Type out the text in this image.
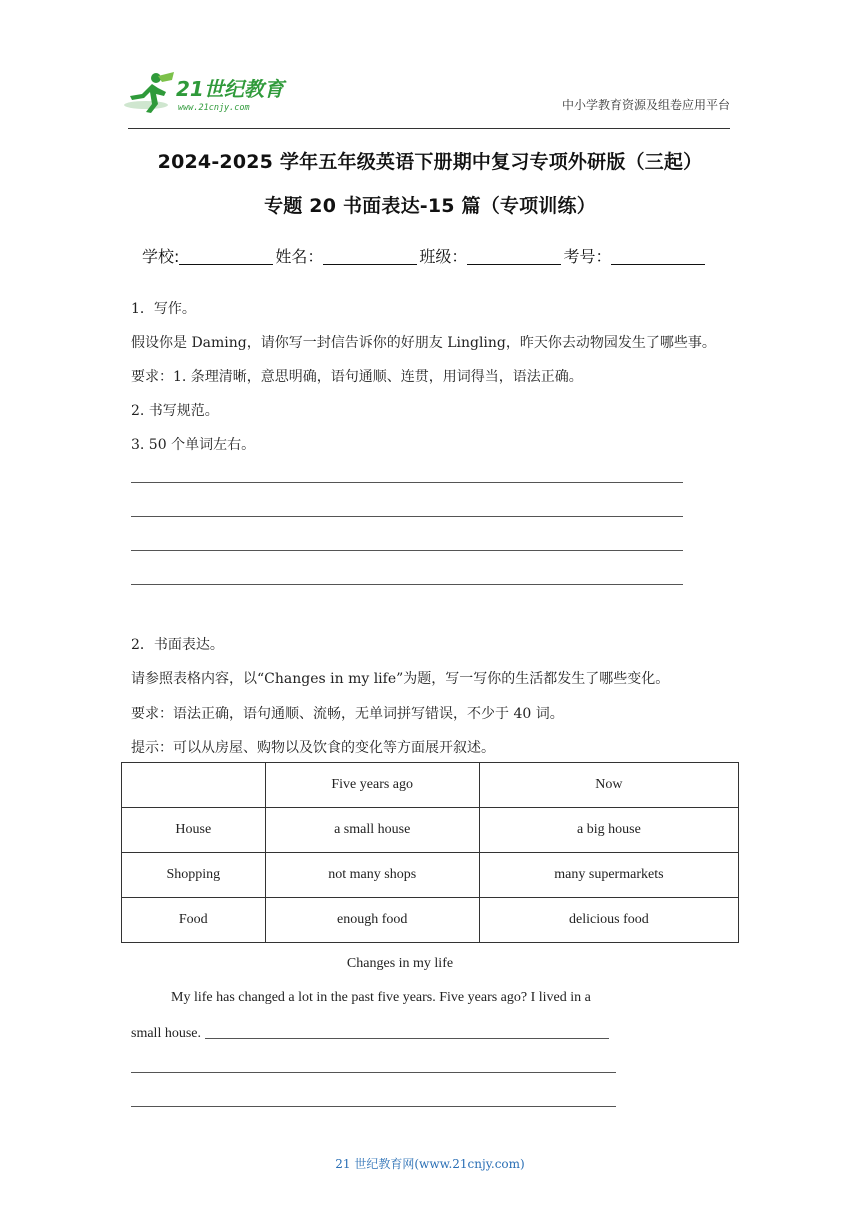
21世纪教育
www.21cnjy.com	中小学教育资源及组卷应用平台
2024-2025 学年五年级英语下册期中复习专项外研版（三起）
专题 20 书面表达-15 篇（专项训练）
学校:	姓名：	班级：	考号：
1．写作。
假设你是 Daming，请你写一封信告诉你的好朋友 Lingling，昨天你去动物园发生了哪些事。
要求：1. 条理清晰，意思明确，语句通顺、连贯，用词得当，语法正确。
2. 书写规范。
3. 50 个单词左右。
2．书面表达。
请参照表格内容，以“Changes in my life”为题，写一写你的生活都发生了哪些变化。
要求：语法正确，语句通顺、流畅，无单词拼写错误，不少于 40 词。
提示：可以从房屋、购物以及饮食的变化等方面展开叙述。
	Five years ago	Now
House	a small house	a big house
Shopping	not many shops	many supermarkets
Food	enough food	delicious food
Changes in my life
My life has changed a lot in the past five years. Five years ago? I lived in a
small house.
21 世纪教育网(www.21cnjy.com)
